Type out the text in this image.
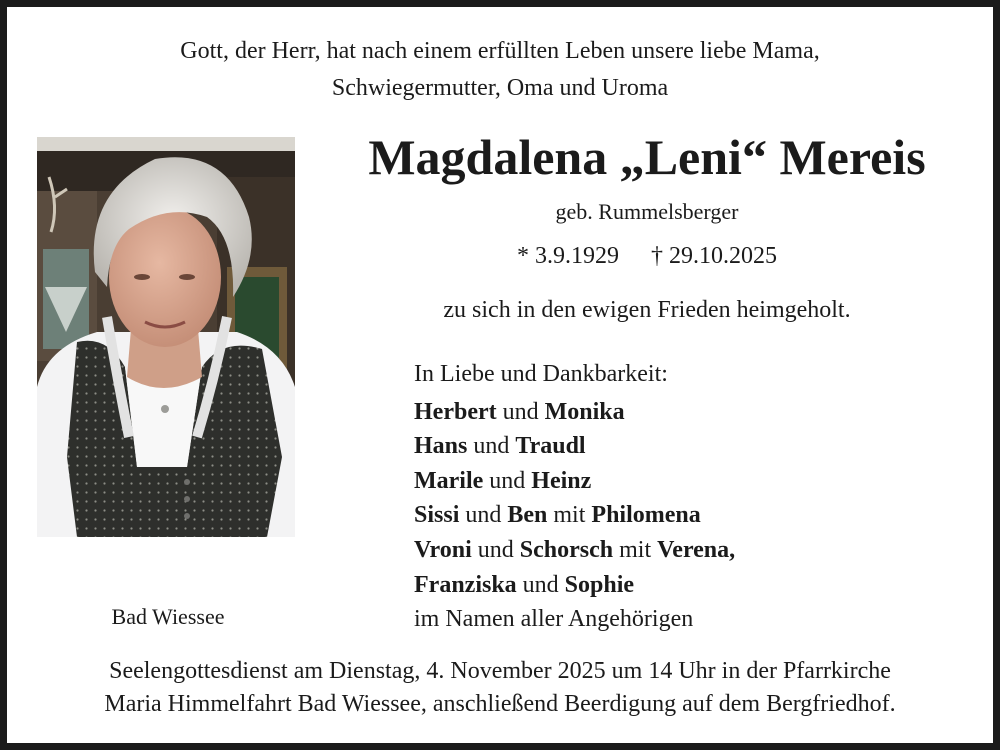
Gott, der Herr, hat nach einem erfüllten Leben unsere liebe Mama,
Schwiegermutter, Oma und Uroma
Magdalena „Leni“ Mereis
geb. Rummelsberger
* 3.9.1929 † 29.10.2025
zu sich in den ewigen Frieden heimgeholt.
In Liebe und Dankbarkeit:
Herbert und Monika
Hans und Traudl
Marile und Heinz
Sissi und Ben mit Philomena
Vroni und Schorsch mit Verena,
Franziska und Sophie
im Namen aller Angehörigen
Bad Wiessee
Seelengottesdienst am Dienstag, 4. November 2025 um 14 Uhr in der Pfarrkirche
Maria Himmelfahrt Bad Wiessee, anschließend Beerdigung auf dem Bergfriedhof.
